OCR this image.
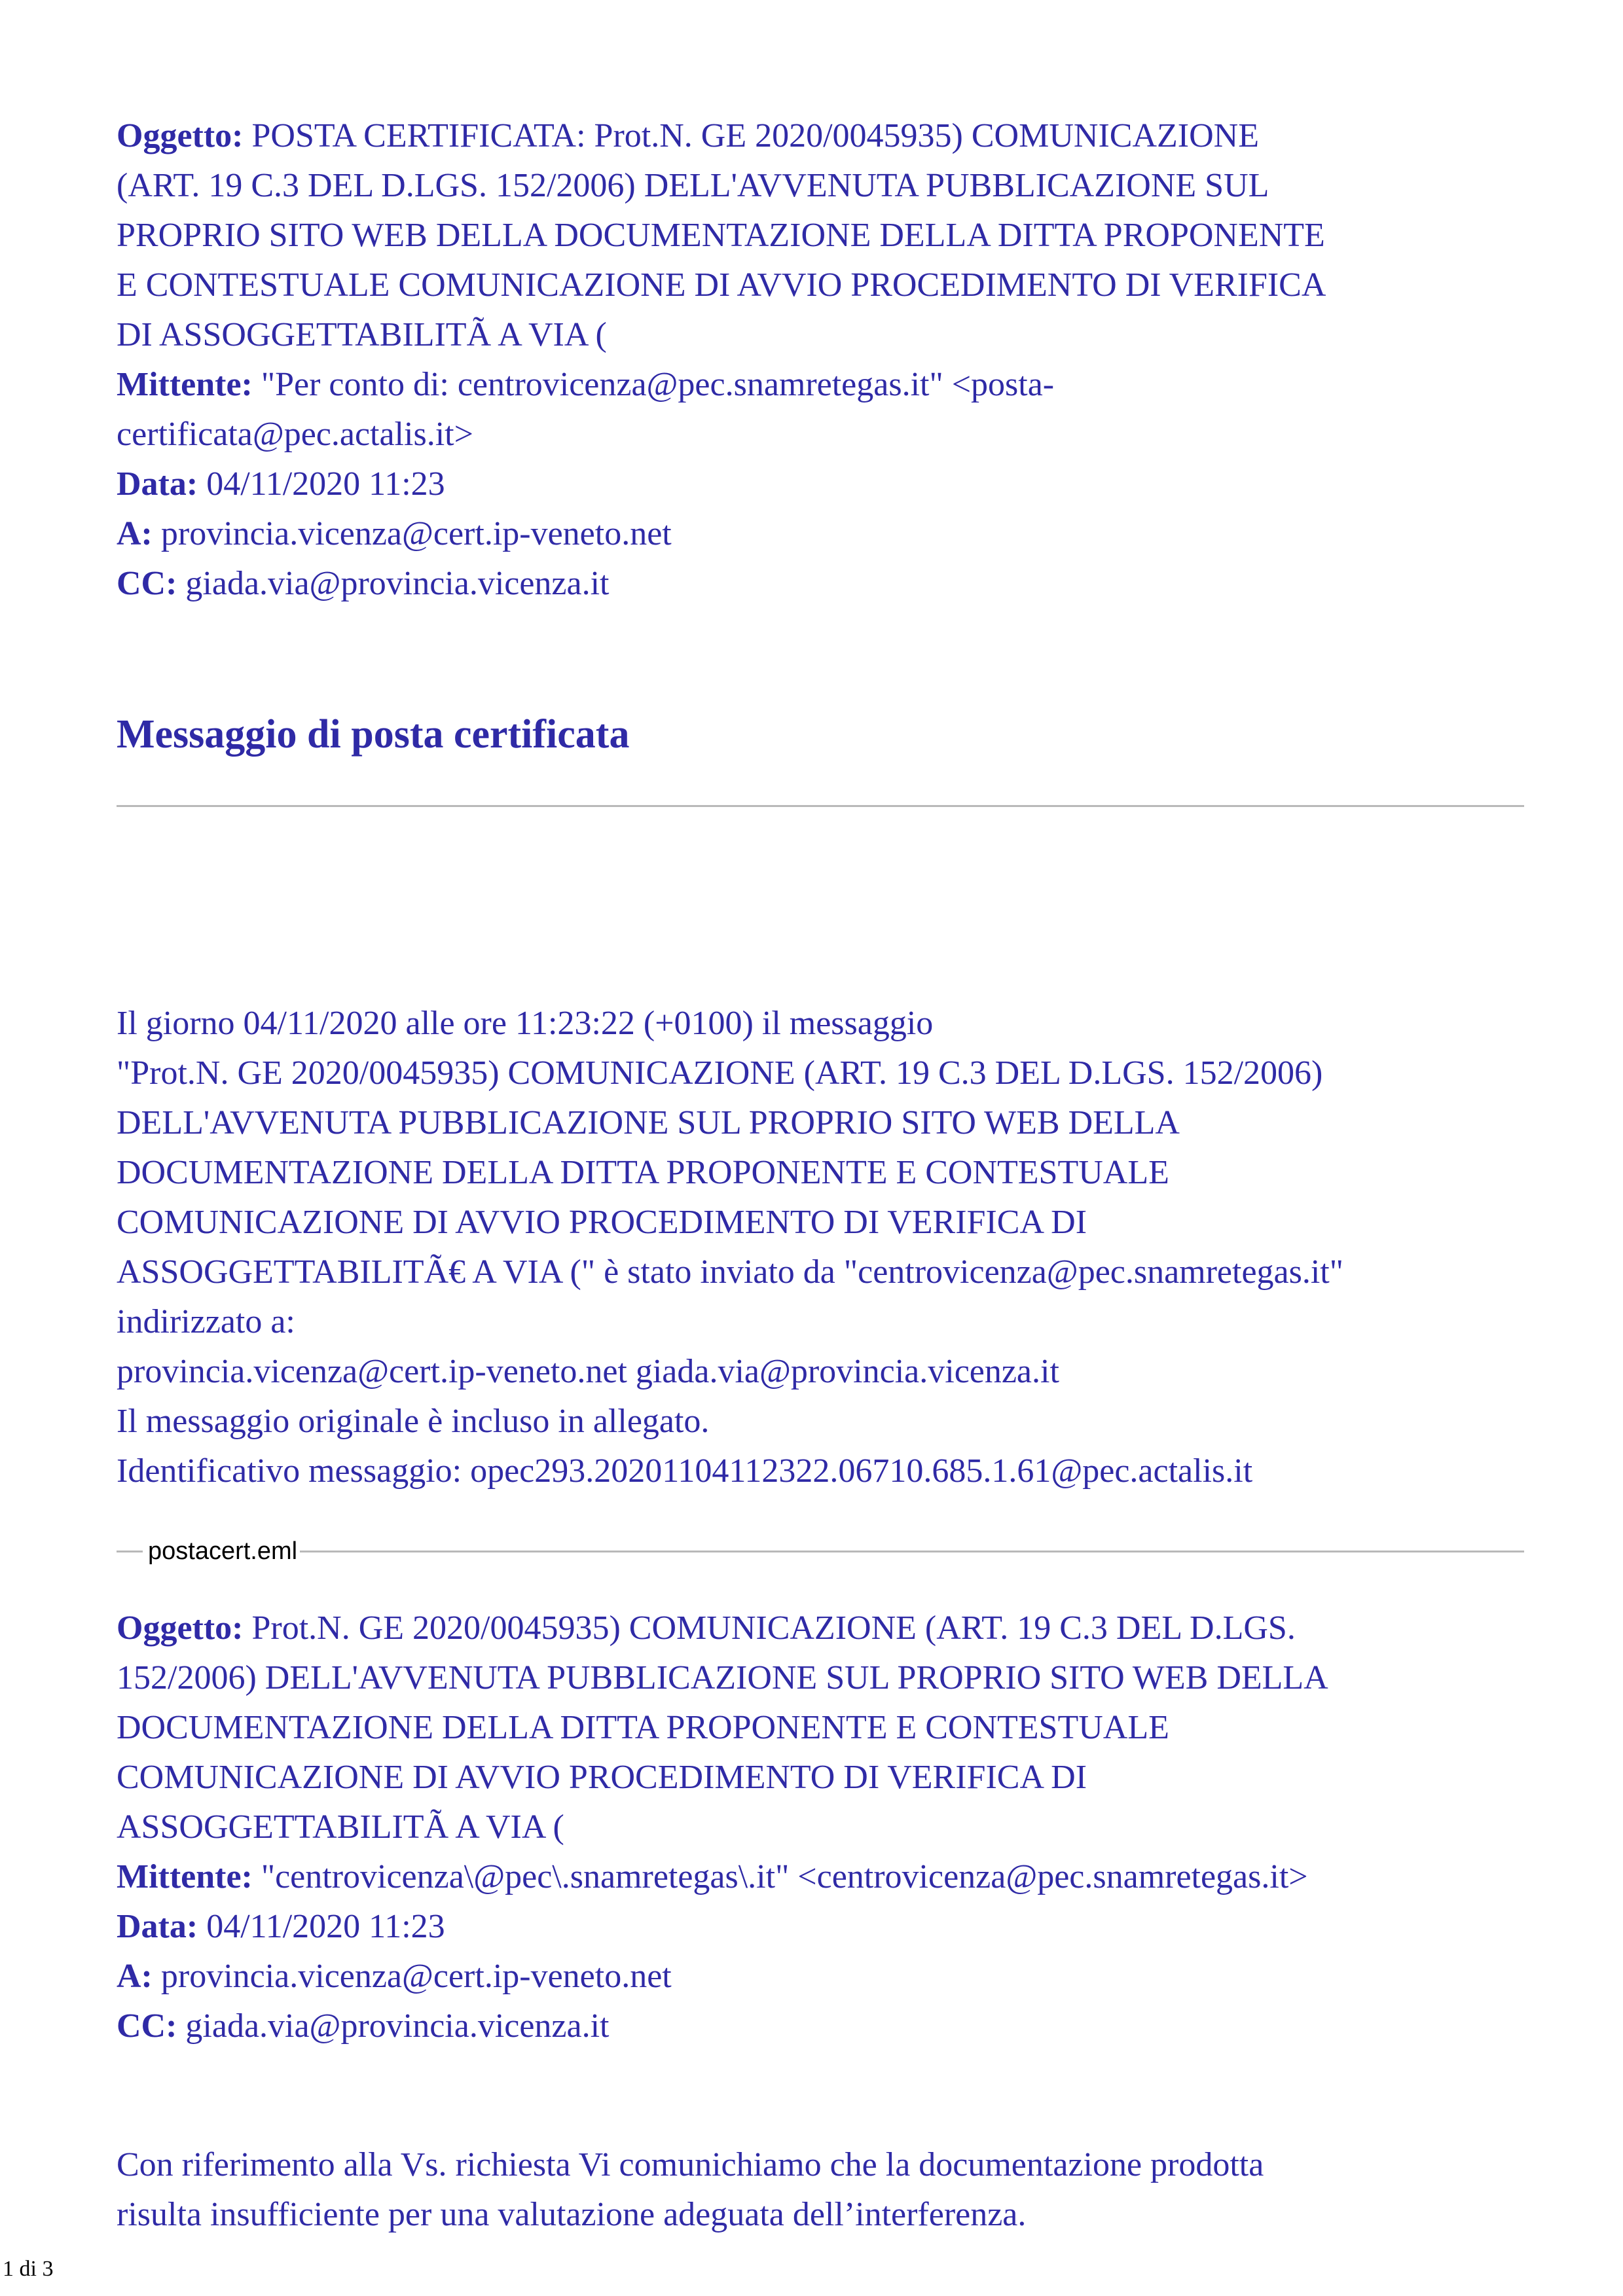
Oggetto: POSTA CERTIFICATA: Prot.N. GE 2020/0045935) COMUNICAZIONE

(ART. 19 C.3 DEL D.LGS. 152/2006) DELL'AVVENUTA PUBBLICAZIONE SUL

PROPRIO SITO WEB DELLA DOCUMENTAZIONE DELLA DITTA PROPONENTE

E CONTESTUALE COMUNICAZIONE DI AVVIO PROCEDIMENTO DI VERIFICA

DI ASSOGGETTABILITÃ A VIA (

Mittente: "Per conto di: centrovicenza@pec.snamretegas.it" <posta-

certificata@pec.actalis.it>

Data: 04/11/2020 11:23

A: provincia.vicenza@cert.ip-veneto.net

CC: giada.via@provincia.vicenza.it

Messaggio di posta certificata

Il giorno 04/11/2020 alle ore 11:23:22 (+0100) il messaggio

"Prot.N. GE 2020/0045935) COMUNICAZIONE (ART. 19 C.3 DEL D.LGS. 152/2006)

DELL'AVVENUTA PUBBLICAZIONE SUL PROPRIO SITO WEB DELLA

DOCUMENTAZIONE DELLA DITTA PROPONENTE E CONTESTUALE

COMUNICAZIONE DI AVVIO PROCEDIMENTO DI VERIFICA DI

ASSOGGETTABILITÃ€ A VIA (" è stato inviato da "centrovicenza@pec.snamretegas.it"

indirizzato a:

provincia.vicenza@cert.ip-veneto.net giada.via@provincia.vicenza.it

Il messaggio originale è incluso in allegato.

Identificativo messaggio: opec293.20201104112322.06710.685.1.61@pec.actalis.it

postacert.eml

Oggetto: Prot.N. GE 2020/0045935) COMUNICAZIONE (ART. 19 C.3 DEL D.LGS.

152/2006) DELL'AVVENUTA PUBBLICAZIONE SUL PROPRIO SITO WEB DELLA

DOCUMENTAZIONE DELLA DITTA PROPONENTE E CONTESTUALE

COMUNICAZIONE DI AVVIO PROCEDIMENTO DI VERIFICA DI

ASSOGGETTABILITÃ A VIA (

Mittente: "centrovicenza\@pec\.snamretegas\.it" <centrovicenza@pec.snamretegas.it>

Data: 04/11/2020 11:23

A: provincia.vicenza@cert.ip-veneto.net

CC: giada.via@provincia.vicenza.it

Con riferimento alla Vs. richiesta Vi comunichiamo che la documentazione prodotta

risulta insufficiente per una valutazione adeguata dell’interferenza.

1 di 3
